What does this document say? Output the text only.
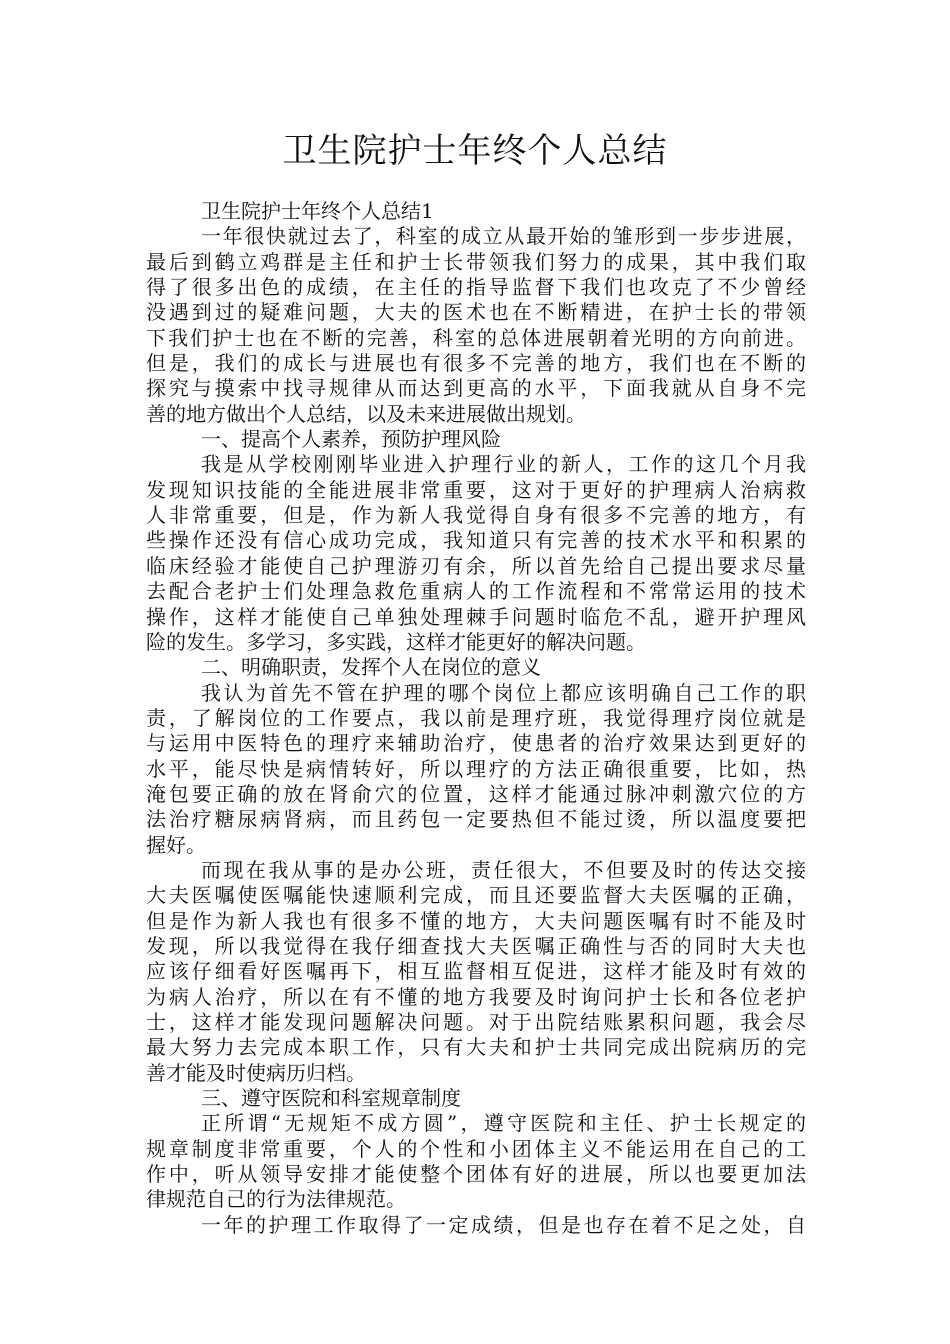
卫生院护士年终个人总结
卫生院护士年终个人总结1
一年很快就过去了，科室的成立从最开始的雏形到一步步进展，
最后到鹤立鸡群是主任和护士长带领我们努力的成果，其中我们取
得了很多出色的成绩，在主任的指导监督下我们也攻克了不少曾经
没遇到过的疑难问题，大夫的医术也在不断精进，在护士长的带领
下我们护士也在不断的完善，科室的总体进展朝着光明的方向前进。
但是，我们的成长与进展也有很多不完善的地方，我们也在不断的
探究与摸索中找寻规律从而达到更高的水平，下面我就从自身不完
善的地方做出个人总结，以及未来进展做出规划。
一、提高个人素养，预防护理风险
我是从学校刚刚毕业进入护理行业的新人，工作的这几个月我
发现知识技能的全能进展非常重要，这对于更好的护理病人治病救
人非常重要，但是，作为新人我觉得自身有很多不完善的地方，有
些操作还没有信心成功完成，我知道只有完善的技术水平和积累的
临床经验才能使自己护理游刃有余，所以首先给自己提出要求尽量
去配合老护士们处理急救危重病人的工作流程和不常常运用的技术
操作，这样才能使自己单独处理棘手问题时临危不乱，避开护理风
险的发生。多学习，多实践，这样才能更好的解决问题。
二、明确职责，发挥个人在岗位的意义
我认为首先不管在护理的哪个岗位上都应该明确自己工作的职
责，了解岗位的工作要点，我以前是理疗班，我觉得理疗岗位就是
与运用中医特色的理疗来辅助治疗，使患者的治疗效果达到更好的
水平，能尽快是病情转好，所以理疗的方法正确很重要，比如，热
淹包要正确的放在肾俞穴的位置，这样才能通过脉冲刺激穴位的方
法治疗糖尿病肾病，而且药包一定要热但不能过烫，所以温度要把
握好。
而现在我从事的是办公班，责任很大，不但要及时的传达交接
大夫医嘱使医嘱能快速顺利完成，而且还要监督大夫医嘱的正确，
但是作为新人我也有很多不懂的地方，大夫问题医嘱有时不能及时
发现，所以我觉得在我仔细查找大夫医嘱正确性与否的同时大夫也
应该仔细看好医嘱再下，相互监督相互促进，这样才能及时有效的
为病人治疗，所以在有不懂的地方我要及时询问护士长和各位老护
士，这样才能发现问题解决问题。对于出院结账累积问题，我会尽
最大努力去完成本职工作，只有大夫和护士共同完成出院病历的完
善才能及时使病历归档。
三、遵守医院和科室规章制度
正所谓“无规矩不成方圆”，遵守医院和主任、护士长规定的
规章制度非常重要，个人的个性和小团体主义不能运用在自己的工
作中，听从领导安排才能使整个团体有好的进展，所以也要更加法
律规范自己的行为法律规范。
一年的护理工作取得了一定成绩，但是也存在着不足之处，自
